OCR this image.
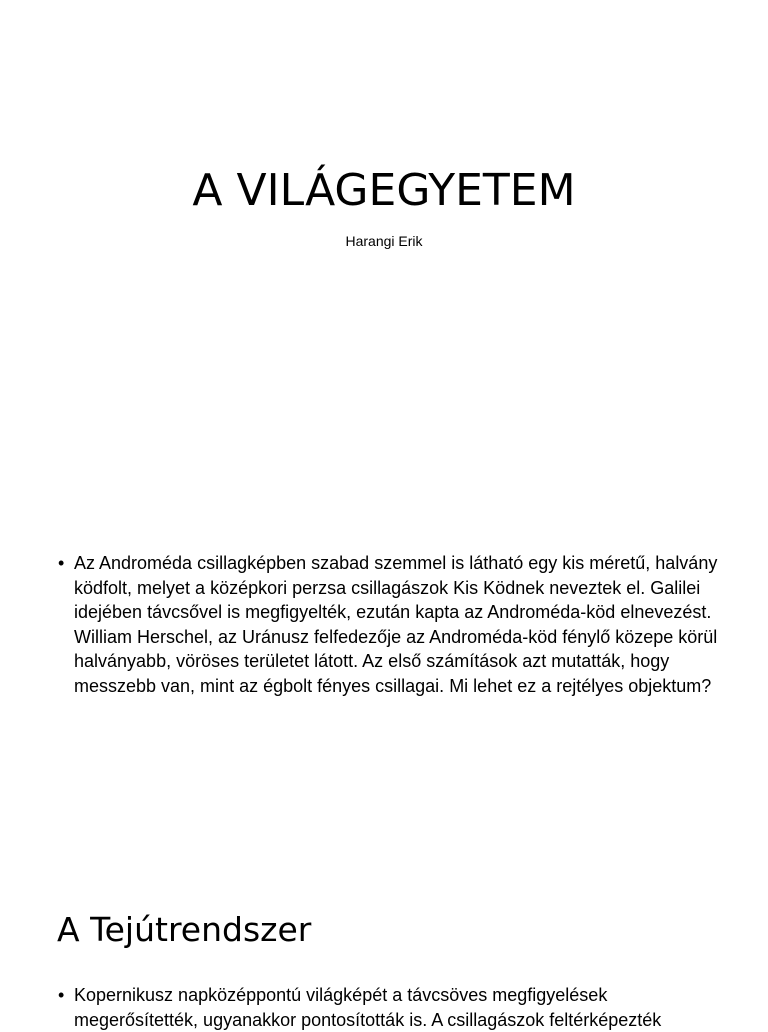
A VILÁGEGYETEM

Harangi Erik

• Az Androméda csillagképben szabad szemmel is látható egy kis méretű, halvány ködfolt, melyet a középkori perzsa csillagászok Kis Ködnek neveztek el. Galilei idejében távcsővel is megfigyelték, ezután kapta az Androméda-köd elnevezést. William Herschel, az Uránusz felfedezője az Androméda-köd fénylő közepe körül halványabb, vöröses területet látott. Az első számítások azt mutatták, hogy messzebb van, mint az égbolt fényes csillagai. Mi lehet ez a rejtélyes objektum?
A Tejútrendszer
• Kopernikusz napközéppontú világképét a távcsöves megfigyelések megerősítették, ugyanakkor pontosították is. A csillagászok feltérképezték
